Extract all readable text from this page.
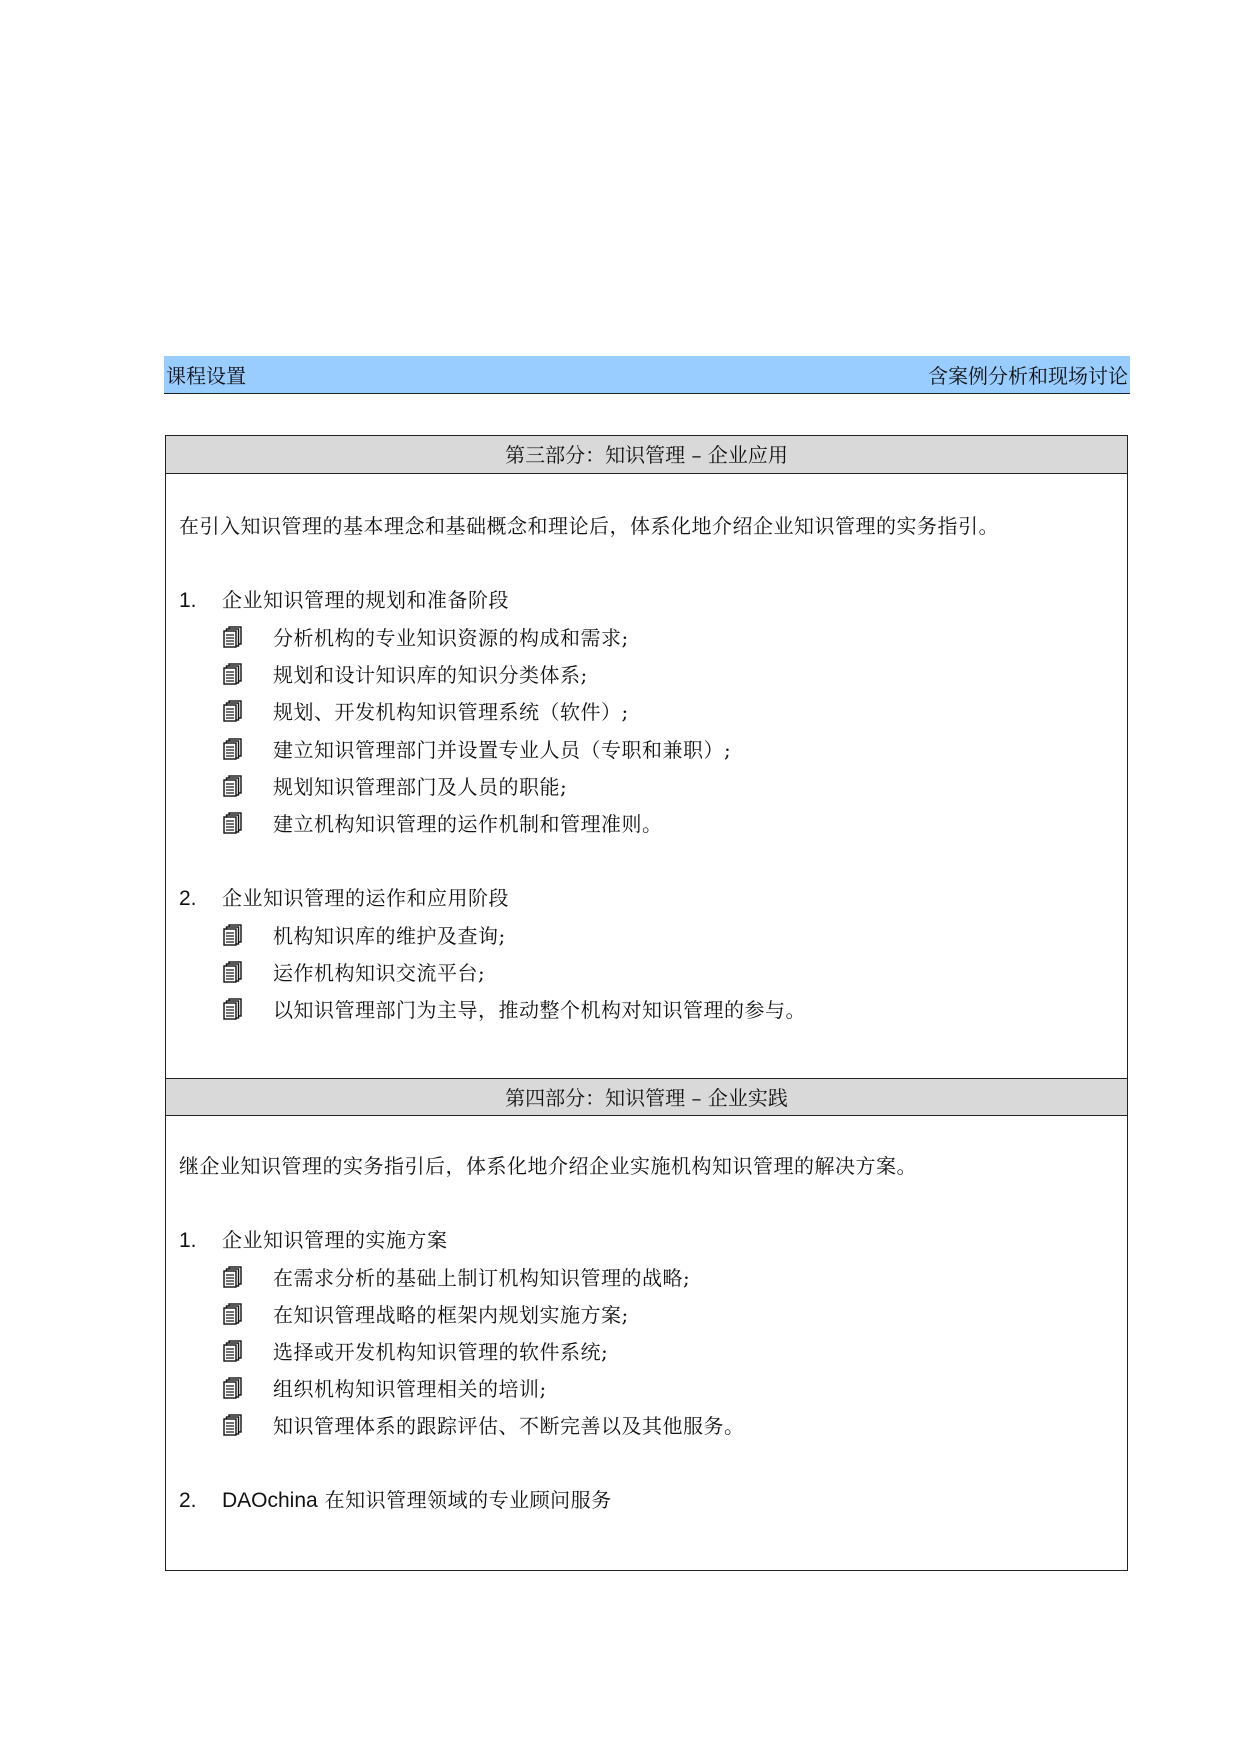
课程设置	含案例分析和现场讨论
第三部分：知识管理 – 企业应用
在引入知识管理的基本理念和基础概念和理论后，体系化地介绍企业知识管理的实务指引。
1.	企业知识管理的规划和准备阶段
分析机构的专业知识资源的构成和需求;
规划和设计知识库的知识分类体系;
规划、开发机构知识管理系统（软件）;
建立知识管理部门并设置专业人员（专职和兼职）;
规划知识管理部门及人员的职能;
建立机构知识管理的运作机制和管理准则。
2.	企业知识管理的运作和应用阶段
机构知识库的维护及查询;
运作机构知识交流平台;
以知识管理部门为主导，推动整个机构对知识管理的参与。
第四部分：知识管理 – 企业实践
继企业知识管理的实务指引后，体系化地介绍企业实施机构知识管理的解决方案。
1.	企业知识管理的实施方案
在需求分析的基础上制订机构知识管理的战略;
在知识管理战略的框架内规划实施方案;
选择或开发机构知识管理的软件系统;
组织机构知识管理相关的培训;
知识管理体系的跟踪评估、不断完善以及其他服务。
2.	DAOchina 在知识管理领域的专业顾问服务
